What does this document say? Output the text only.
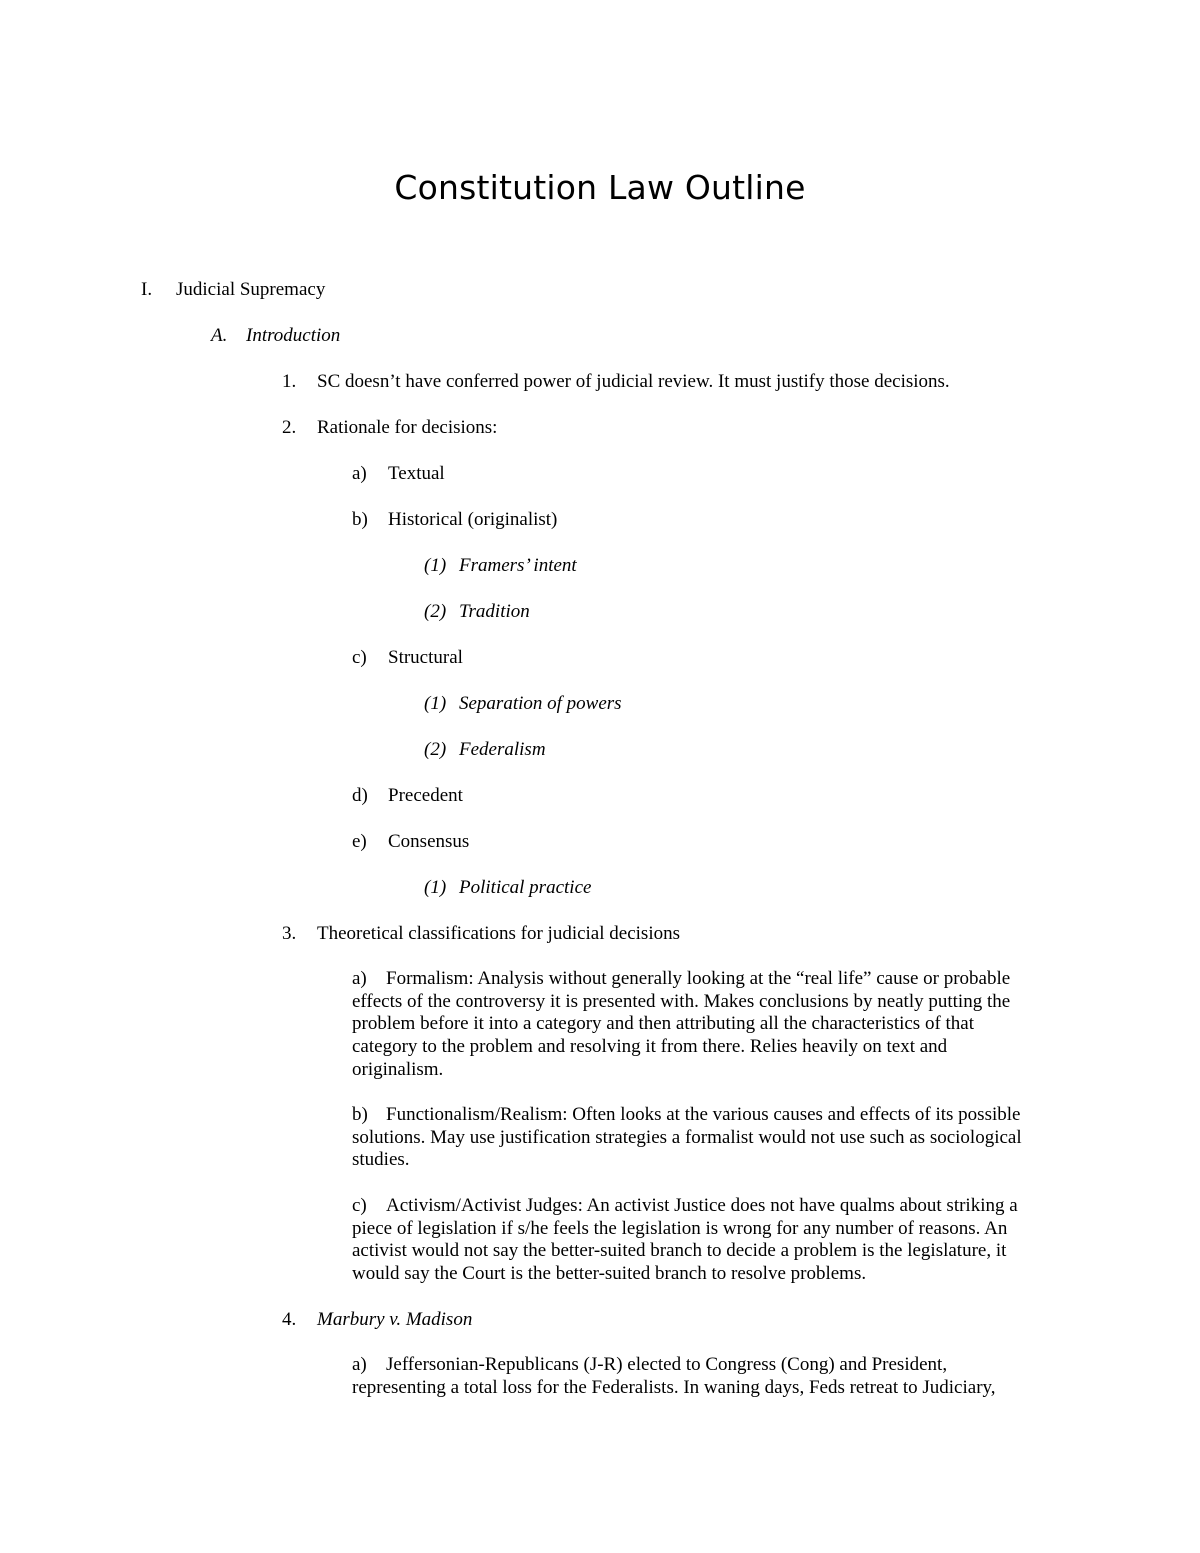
Constitution Law Outline
I. Judicial Supremacy
A. Introduction
1. SC doesn’t have conferred power of judicial review. It must justify those decisions.
2. Rationale for decisions:
a) Textual
b) Historical (originalist)
(1) Framers’ intent
(2) Tradition
c) Structural
(1) Separation of powers
(2) Federalism
d) Precedent
e) Consensus
(1) Political practice
3. Theoretical classifications for judicial decisions
a) Formalism: Analysis without generally looking at the “real life” cause or probable
effects of the controversy it is presented with. Makes conclusions by neatly putting the
problem before it into a category and then attributing all the characteristics of that
category to the problem and resolving it from there. Relies heavily on text and
originalism.
b) Functionalism/Realism: Often looks at the various causes and effects of its possible
solutions. May use justification strategies a formalist would not use such as sociological
studies.
c) Activism/Activist Judges: An activist Justice does not have qualms about striking a
piece of legislation if s/he feels the legislation is wrong for any number of reasons. An
activist would not say the better-suited branch to decide a problem is the legislature, it
would say the Court is the better-suited branch to resolve problems.
4. Marbury v. Madison
a) Jeffersonian-Republicans (J-R) elected to Congress (Cong) and President,
representing a total loss for the Federalists. In waning days, Feds retreat to Judiciary,
